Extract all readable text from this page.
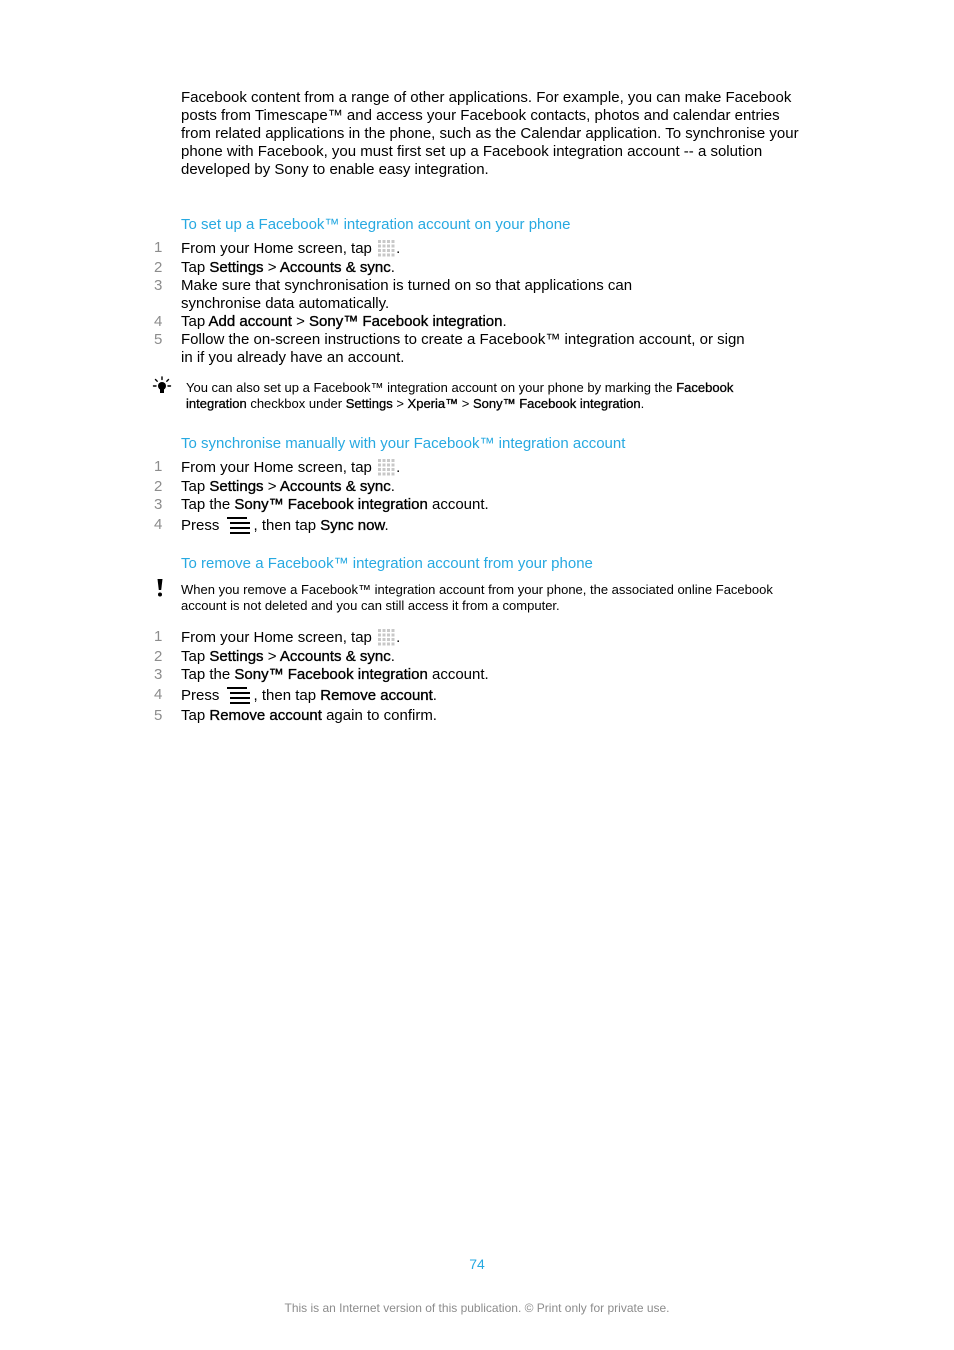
Facebook content from a range of other applications. For example, you can make Facebook posts from Timescape™ and access your Facebook contacts, photos and calendar entries from related applications in the phone, such as the Calendar application. To synchronise your phone with Facebook, you must first set up a Facebook integration account -- a solution developed by Sony to enable easy integration.
To set up a Facebook™ integration account on your phone
1	From your Home screen, tap .
2	Tap Settings > Accounts & sync.
3	Make sure that synchronisation is turned on so that applications can synchronise data automatically.
4	Tap Add account > Sony™ Facebook integration.
5	Follow the on-screen instructions to create a Facebook™ integration account, or sign in if you already have an account.
You can also set up a Facebook™ integration account on your phone by marking the Facebook integration checkbox under Settings > Xperia™ > Sony™ Facebook integration.
To synchronise manually with your Facebook™ integration account
1	From your Home screen, tap .
2	Tap Settings > Accounts & sync.
3	Tap the Sony™ Facebook integration account.
4	Press , then tap Sync now.
To remove a Facebook™ integration account from your phone
When you remove a Facebook™ integration account from your phone, the associated online Facebook account is not deleted and you can still access it from a computer.
1	From your Home screen, tap .
2	Tap Settings > Accounts & sync.
3	Tap the Sony™ Facebook integration account.
4	Press , then tap Remove account.
5	Tap Remove account again to confirm.
74
This is an Internet version of this publication. © Print only for private use.
